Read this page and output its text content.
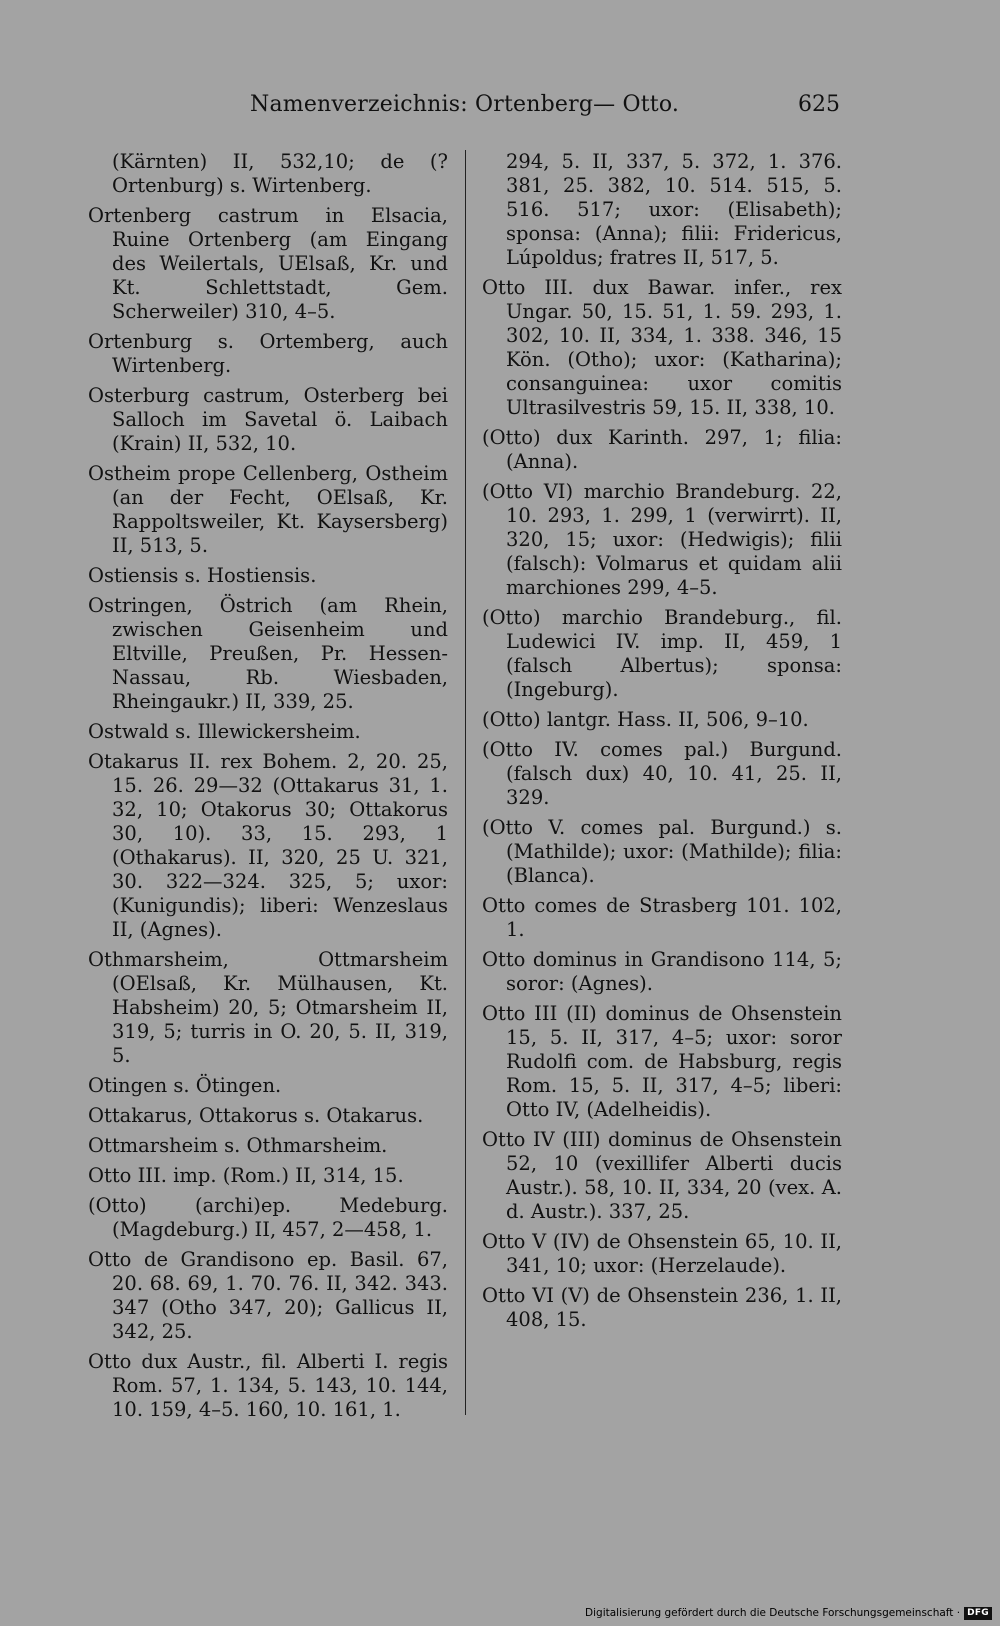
Namenverzeichnis: Ortenberg— Otto.	625

(Kärnten) II, 532,10; de (? Ortenburg) s. Wirtenberg.

Ortenberg castrum in Elsacia, Ruine Ortenberg (am Eingang des Weilertals, UElsaß, Kr. und Kt. Schlettstadt, Gem. Scherweiler) 310, 4–5.

Ortenburg s. Ortemberg, auch Wirtenberg.

Osterburg castrum, Osterberg bei Salloch im Savetal ö. Laibach (Krain) II, 532, 10.

Ostheim prope Cellenberg, Ostheim (an der Fecht, OElsaß, Kr. Rappoltsweiler, Kt. Kaysersberg) II, 513, 5.

Ostiensis s. Hostiensis.

Ostringen, Östrich (am Rhein, zwischen Geisenheim und Eltville, Preußen, Pr. Hessen-Nassau, Rb. Wiesbaden, Rheingaukr.) II, 339, 25.

Ostwald s. Illewickersheim.

Otakarus II. rex Bohem. 2, 20. 25, 15. 26. 29—32 (Ottakarus 31, 1. 32, 10; Otakorus 30; Ottakorus 30, 10). 33, 15. 293, 1 (Othakarus). II, 320, 25 U. 321, 30. 322—324. 325, 5; uxor: (Kunigundis); liberi: Wenzeslaus II, (Agnes).

Othmarsheim, Ottmarsheim (OElsaß, Kr. Mülhausen, Kt. Habsheim) 20, 5; Otmarsheim II, 319, 5; turris in O. 20, 5. II, 319, 5.

Otingen s. Ötingen.

Ottakarus, Ottakorus s. Otakarus.

Ottmarsheim s. Othmarsheim.

Otto III. imp. (Rom.) II, 314, 15.

(Otto) (archi)ep. Medeburg. (Magdeburg.) II, 457, 2—458, 1.

Otto de Grandisono ep. Basil. 67, 20. 68. 69, 1. 70. 76. II, 342. 343. 347 (Otho 347, 20); Gallicus II, 342, 25.

Otto dux Austr., fil. Alberti I. regis Rom. 57, 1. 134, 5. 143, 10. 144, 10. 159, 4–5. 160, 10. 161, 1.

294, 5. II, 337, 5. 372, 1. 376. 381, 25. 382, 10. 514. 515, 5. 516. 517; uxor: (Elisabeth); sponsa: (Anna); filii: Fridericus, Lúpoldus; fratres II, 517, 5.

Otto III. dux Bawar. infer., rex Ungar. 50, 15. 51, 1. 59. 293, 1. 302, 10. II, 334, 1. 338. 346, 15 Kön. (Otho); uxor: (Katharina); consanguinea: uxor comitis Ultrasilvestris 59, 15. II, 338, 10.

(Otto) dux Karinth. 297, 1; filia: (Anna).

(Otto VI) marchio Brandeburg. 22, 10. 293, 1. 299, 1 (verwirrt). II, 320, 15; uxor: (Hedwigis); filii (falsch): Volmarus et quidam alii marchiones 299, 4–5.

(Otto) marchio Brandeburg., fil. Ludewici IV. imp. II, 459, 1 (falsch Albertus); sponsa: (Ingeburg).

(Otto) lantgr. Hass. II, 506, 9–10.

(Otto IV. comes pal.) Burgund. (falsch dux) 40, 10. 41, 25. II, 329.

(Otto V. comes pal. Burgund.) s. (Mathilde); uxor: (Mathilde); filia: (Blanca).

Otto comes de Strasberg 101. 102, 1.

Otto dominus in Grandisono 114, 5; soror: (Agnes).

Otto III (II) dominus de Ohsenstein 15, 5. II, 317, 4–5; uxor: soror Rudolfi com. de Habsburg, regis Rom. 15, 5. II, 317, 4–5; liberi: Otto IV, (Adelheidis).

Otto IV (III) dominus de Ohsenstein 52, 10 (vexillifer Alberti ducis Austr.). 58, 10. II, 334, 20 (vex. A. d. Austr.). 337, 25.

Otto V (IV) de Ohsenstein 65, 10. II, 341, 10; uxor: (Herzelaude).

Otto VI (V) de Ohsenstein 236, 1. II, 408, 15.

Digitalisierung gefördert durch die Deutsche Forschungsgemeinschaft · DFG
